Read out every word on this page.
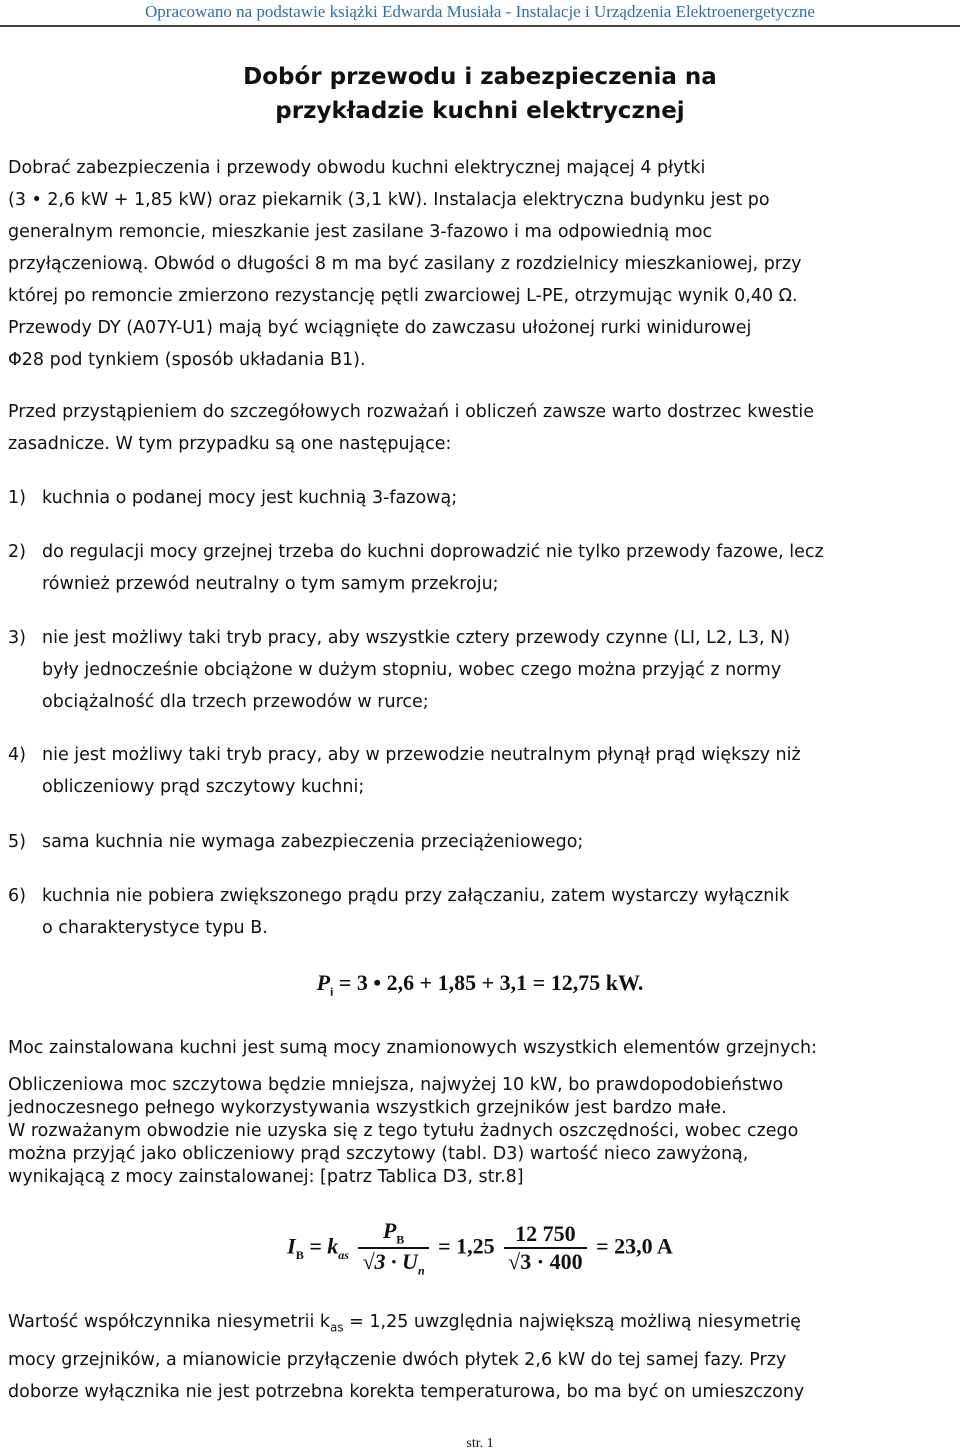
Opracowano na podstawie książki Edwarda Musiała - Instalacje i Urządzenia Elektroenergetyczne
Dobór przewodu i zabezpieczenia na
przykładzie kuchni elektrycznej
Dobrać zabezpieczenia i przewody obwodu kuchni elektrycznej mającej 4 płytki
(3 • 2,6 kW + 1,85 kW) oraz piekarnik (3,1 kW). Instalacja elektryczna budynku jest po
generalnym remoncie, mieszkanie jest zasilane 3-fazowo i ma odpowiednią moc
przyłączeniową. Obwód o długości 8 m ma być zasilany z rozdzielnicy mieszkaniowej, przy
której po remoncie zmierzono rezystancję pętli zwarciowej L-PE, otrzymując wynik 0,40 Ω.
Przewody DY (A07Y-U1) mają być wciągnięte do zawczasu ułożonej rurki winidurowej
Φ28 pod tynkiem (sposób układania B1).
Przed przystąpieniem do szczegółowych rozważań i obliczeń zawsze warto dostrzec kwestie
zasadnicze. W tym przypadku są one następujące:
1) kuchnia o podanej mocy jest kuchnią 3-fazową;
2) do regulacji mocy grzejnej trzeba do kuchni doprowadzić nie tylko przewody fazowe, lecz
również przewód neutralny o tym samym przekroju;
3) nie jest możliwy taki tryb pracy, aby wszystkie cztery przewody czynne (LI, L2, L3, N)
były jednocześnie obciążone w dużym stopniu, wobec czego można przyjąć z normy
obciążalność dla trzech przewodów w rurce;
4) nie jest możliwy taki tryb pracy, aby w przewodzie neutralnym płynął prąd większy niż
obliczeniowy prąd szczytowy kuchni;
5) sama kuchnia nie wymaga zabezpieczenia przeciążeniowego;
6) kuchnia nie pobiera zwiększonego prądu przy załączaniu, zatem wystarczy wyłącznik
o charakterystyce typu B.
$P_i = 3$ • 2,6 + 1,85 + 3,1 = 12,75 kW.
Moc zainstalowana kuchni jest sumą mocy znamionowych wszystkich elementów grzejnych:
Obliczeniowa moc szczytowa będzie mniejsza, najwyżej 10 kW, bo prawdopodobieństwo
jednoczesnego pełnego wykorzystywania wszystkich grzejników jest bardzo małe.
W rozważanym obwodzie nie uzyska się z tego tytułu żadnych oszczędności, wobec czego
można przyjąć jako obliczeniowy prąd szczytowy (tabl. D3) wartość nieco zawyżoną,
wynikającą z mocy zainstalowanej: [patrz Tablica D3, str.8]
$I_B = k_{as} \frac{P_B}{√3 \cdot U_n} = 1,25 \frac{12 750}{√3 \cdot 400} = 23,0$ A
Wartość współczynnika niesymetrii $k_{as} = 1,25$ uwzględnia największą możliwą niesymetrię
mocy grzejników, a mianowicie przyłączenie dwóch płytek 2,6 kW do tej samej fazy. Przy
doborze wyłącznika nie jest potrzebna korekta temperaturowa, bo ma być on umieszczony
str. 1
